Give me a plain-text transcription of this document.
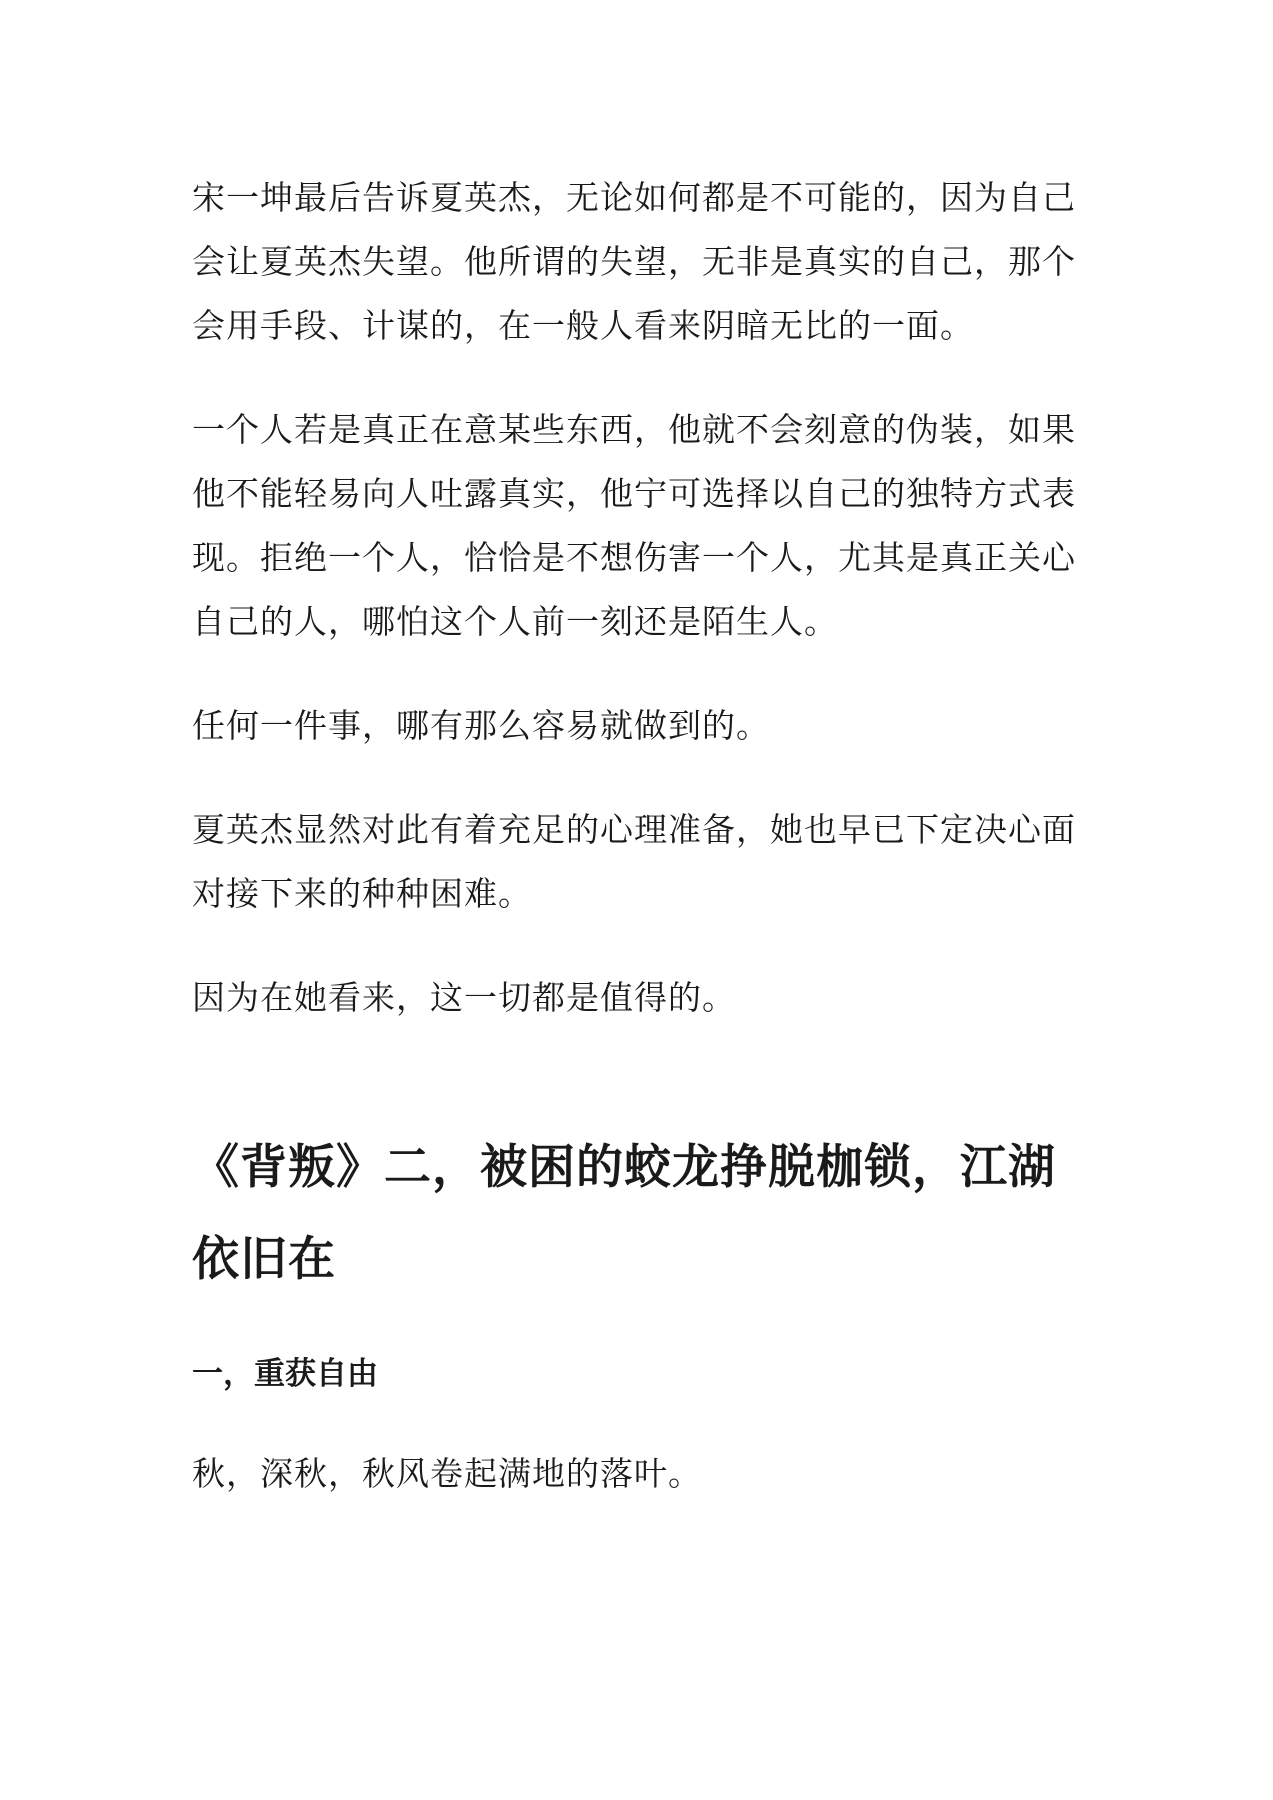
宋一坤最后告诉夏英杰，无论如何都是不可能的，因为自己会让夏英杰失望。他所谓的失望，无非是真实的自己，那个会用手段、计谋的，在一般人看来阴暗无比的一面。

一个人若是真正在意某些东西，他就不会刻意的伪装，如果他不能轻易向人吐露真实，他宁可选择以自己的独特方式表现。拒绝一个人，恰恰是不想伤害一个人，尤其是真正关心自己的人，哪怕这个人前一刻还是陌生人。

任何一件事，哪有那么容易就做到的。

夏英杰显然对此有着充足的心理准备，她也早已下定决心面对接下来的种种困难。

因为在她看来，这一切都是值得的。

《背叛》二，被困的蛟龙挣脱枷锁，江湖依旧在
一，重获自由

秋，深秋，秋风卷起满地的落叶。
